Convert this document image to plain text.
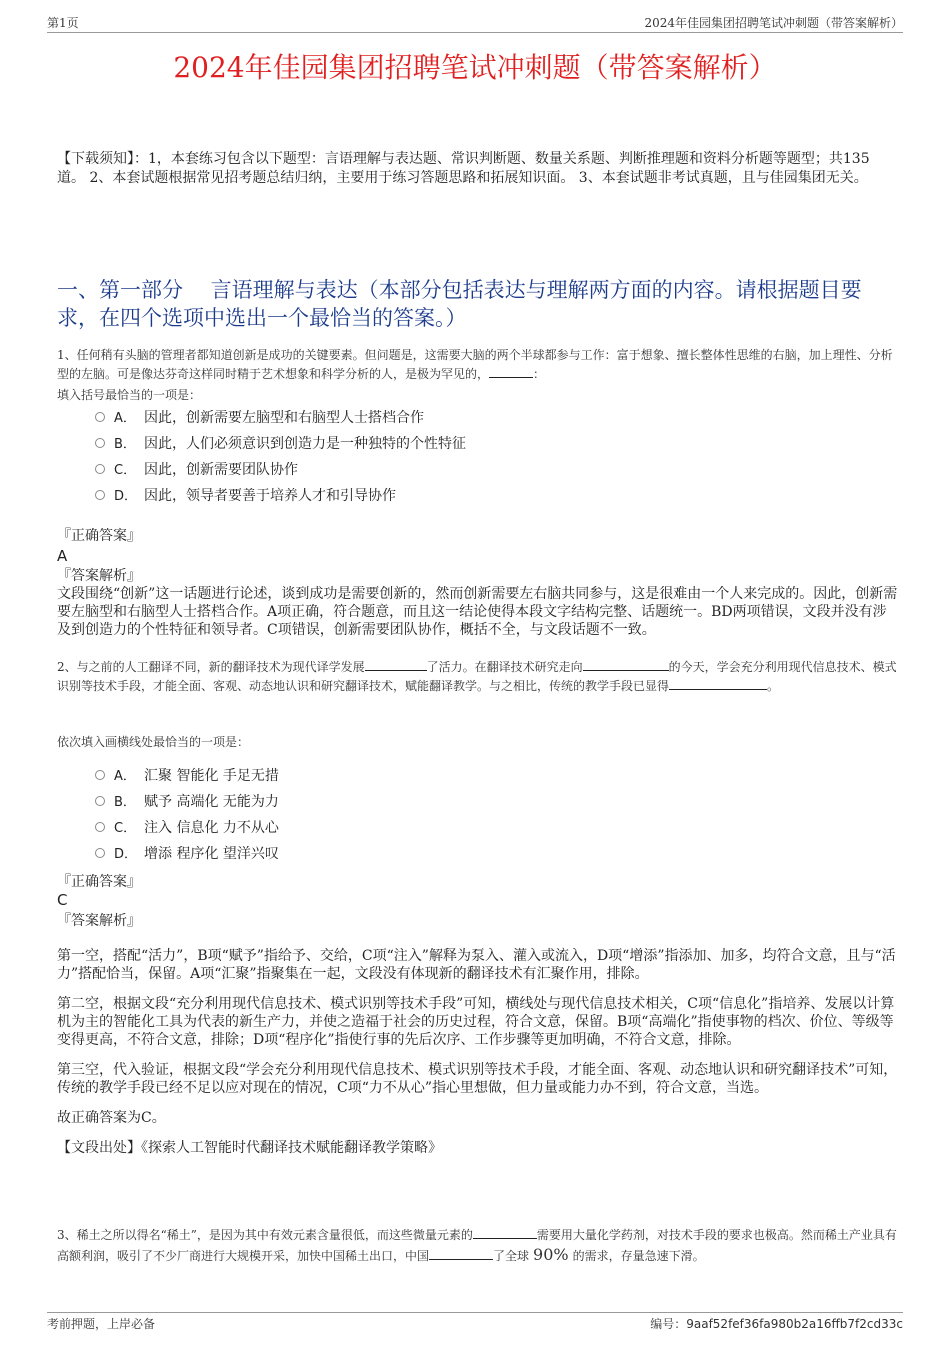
第1页	2024年佳园集团招聘笔试冲刺题（带答案解析）
2024年佳园集团招聘笔试冲刺题（带答案解析）
【下载须知】：1，本套练习包含以下题型：言语理解与表达题、常识判断题、数量关系题、判断推理题和资料分析题等题型；共135道。 2、本套试题根据常见招考题总结归纳，主要用于练习答题思路和拓展知识面。 3、本套试题非考试真题，且与佳园集团无关。
一、第一部分　 言语理解与表达（本部分包括表达与理解两方面的内容。请根据题目要求，在四个选项中选出一个最恰当的答案。）
1、任何稍有头脑的管理者都知道创新是成功的关键要素。但问题是，这需要大脑的两个半球都参与工作：富于想象、擅长整体性思维的右脑，加上理性、分析型的左脑。可是像达芬奇这样同时精于艺术想象和科学分析的人，是极为罕见的，	：
填入括号最恰当的一项是：
A． 因此，创新需要左脑型和右脑型人士搭档合作
B． 因此，人们必须意识到创造力是一种独特的个性特征
C． 因此，创新需要团队协作
D． 因此，领导者要善于培养人才和引导协作
『正确答案』
A
『答案解析』
文段围绕“创新”这一话题进行论述，谈到成功是需要创新的，然而创新需要左右脑共同参与，这是很难由一个人来完成的。因此，创新需要左脑型和右脑型人士搭档合作。A项正确，符合题意，而且这一结论使得本段文字结构完整、话题统一。BD两项错误，文段并没有涉及到创造力的个性特征和领导者。C项错误，创新需要团队协作，概括不全，与文段话题不一致。
2、与之前的人工翻译不同，新的翻译技术为现代译学发展	了活力。在翻译技术研究走向	的今天，学会充分利用现代信息技术、模式识别等技术手段，才能全面、客观、动态地认识和研究翻译技术，赋能翻译教学。与之相比，传统的教学手段已显得	。
依次填入画横线处最恰当的一项是：
A． 汇聚 智能化 手足无措
B． 赋予 高端化 无能为力
C． 注入 信息化 力不从心
D． 增添 程序化 望洋兴叹
『正确答案』
C
『答案解析』

第一空，搭配“活力”，B项“赋予”指给予、交给，C项“注入”解释为泵入、灌入或流入，D项“增添”指添加、加多，均符合文意，且与“活力”搭配恰当，保留。A项“汇聚”指聚集在一起，文段没有体现新的翻译技术有汇聚作用，排除。

第二空，根据文段“充分利用现代信息技术、模式识别等技术手段”可知，横线处与现代信息技术相关，C项“信息化”指培养、发展以计算机为主的智能化工具为代表的新生产力，并使之造福于社会的历史过程，符合文意，保留。B项“高端化”指使事物的档次、价位、等级等变得更高，不符合文意，排除；D项“程序化”指使行事的先后次序、工作步骤等更加明确，不符合文意，排除。

第三空，代入验证，根据文段“学会充分利用现代信息技术、模式识别等技术手段，才能全面、客观、动态地认识和研究翻译技术”可知，传统的教学手段已经不足以应对现在的情况，C项“力不从心”指心里想做，但力量或能力办不到，符合文意，当选。

故正确答案为C。

【文段出处】《探索人工智能时代翻译技术赋能翻译教学策略》

3、稀土之所以得名“稀土”，是因为其中有效元素含量很低，而这些微量元素的	需要用大量化学药剂，对技术手段的要求也极高。然而稀土产业具有高额利润，吸引了不少厂商进行大规模开采，加快中国稀土出口，中国	了全球 90% 的需求，存量急速下滑。
考前押题，上岸必备	编号：9aaf52fef36fa980b2a16ffb7f2cd33c
